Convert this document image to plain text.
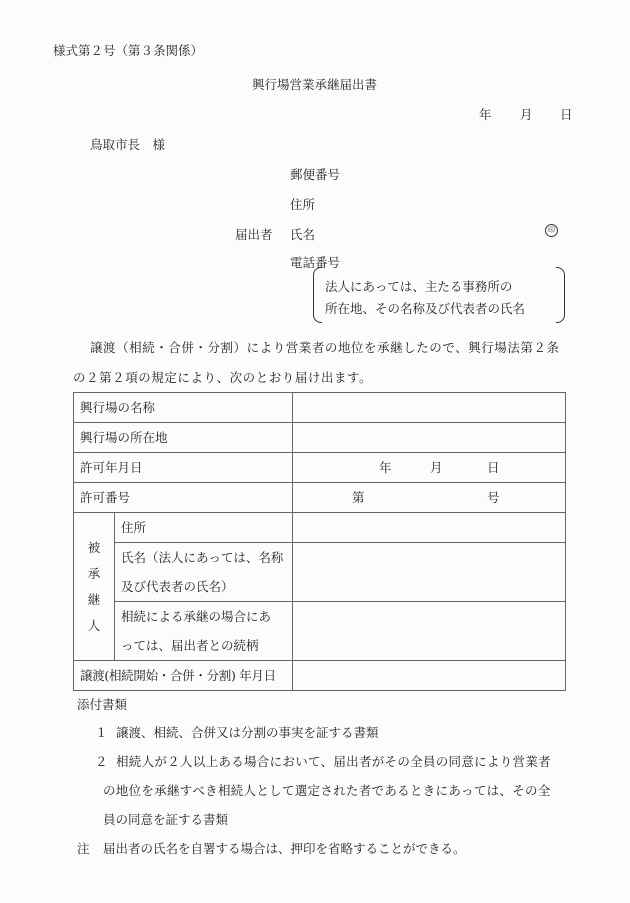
様式第２号（第３条関係）
興行場営業承継届出書
年 月 日
鳥取市長　様
郵便番号
住所
届出者 氏名	印
電話番号
法人にあっては、主たる事務所の
所在地、その名称及び代表者の氏名
譲渡（相続・合併・分割）により営業者の地位を承継したので、興行場法第２条
の２第２項の規定により、次のとおり届け出ます。
興行場の名称		
興行場の所在地		
許可年月日		年 月 日

許可番号		第 号

被承継人	住所	

	氏名（法人にあっては、名称
及び代表者の氏名）	

	相続による承継の場合にあ
っては、届出者との続柄	

譲渡(相続開始・合併・分割) 年月日		
添付書類
１ 譲渡、相続、合併又は分割の事実を証する書類
２ 相続人が２人以上ある場合において、届出者がその全員の同意により営業者
の地位を承継すべき相続人として選定された者であるときにあっては、その全
員の同意を証する書類
注 届出者の氏名を自署する場合は、押印を省略することができる。
